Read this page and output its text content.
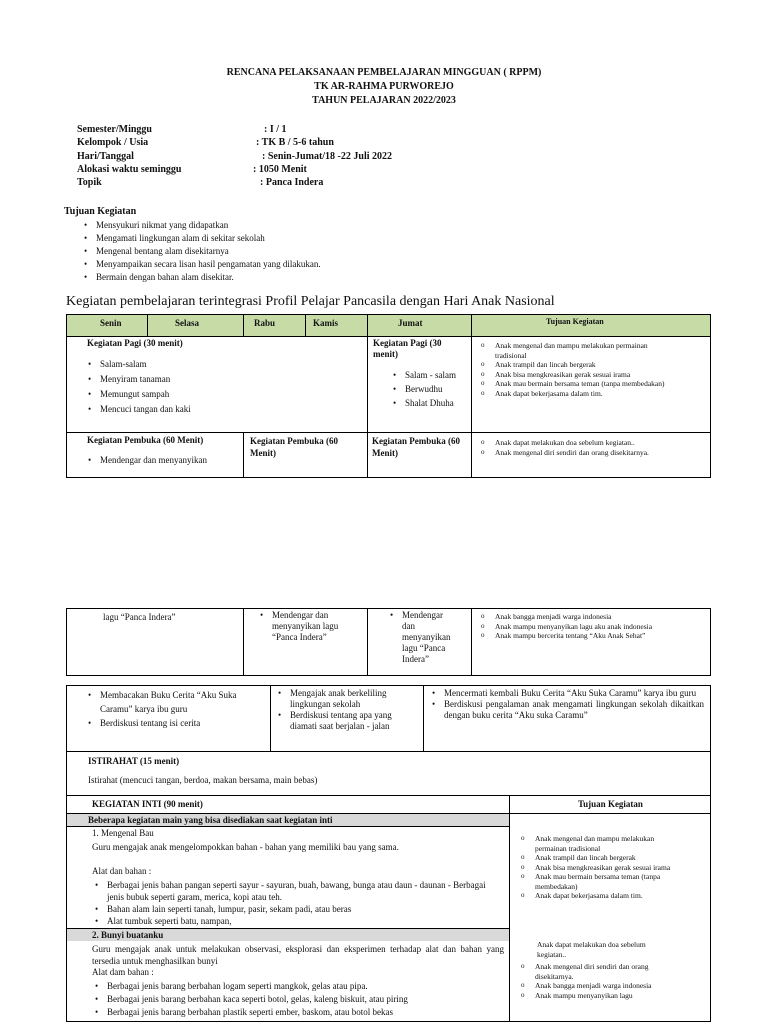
RENCANA PELAKSANAAN PEMBELAJARAN MINGGUAN ( RPPM)
TK AR-RAHMA PURWOREJO
TAHUN PELAJARAN 2022/2023
Semester/Minggu	: I / 1
Kelompok / Usia	: TK B / 5-6 tahun
Hari/Tanggal	: Senin-Jumat/18 -22 Juli 2022
Alokasi waktu seminggu	: 1050 Menit
Topik	: Panca Indera
Tujuan Kegiatan
• Mensyukuri nikmat yang didapatkan
• Mengamati lingkungan alam di sekitar sekolah
• Mengenal bentang alam disekitarnya
• Menyampaikan secara lisan hasil pengamatan yang dilakukan.
• Bermain dengan bahan alam disekitar.
Kegiatan pembelajaran terintegrasi Profil Pelajar Pancasila dengan Hari Anak Nasional
Senin	Selasa	Rabu	Kamis	Jumat	Tujuan Kegiatan
Kegiatan Pagi (30 menit)
• Salam-salam
• Menyiram tanaman
• Memungut sampah
• Mencuci tangan dan kaki
Kegiatan Pagi (30 menit)
• Salam - salam
• Berwudhu
• Shalat Dhuha
o Anak mengenal dan mampu melakukan permainan tradisional
o Anak trampil dan lincah bergerak
o Anak bisa mengkreasikan gerak sesuai irama
o Anak mau bermain bersama teman (tanpa membedakan)
o Anak dapat bekerjasama dalam tim.
Kegiatan Pembuka (60 Menit)
• Mendengar dan menyanyikan
Kegiatan Pembuka (60 Menit)
Kegiatan Pembuka (60 Menit)
o Anak dapat melakukan doa sebelum kegiatan..
o Anak mengenal diri sendiri dan orang disekitarnya.
lagu “Panca Indera”
•	Mendengar dan menyanyikan lagu “Panca Indera”
• Mendengar dan menyanyikan lagu “Panca Indera”
o Anak bangga menjadi warga indonesia
o Anak mampu menyanyikan lagu aku anak indonesia
o Anak mampu bercerita tentang “Aku Anak Sehat”
• Membacakan Buku Cerita “Aku Suka Caramu” karya ibu guru
• Berdiskusi tentang isi cerita
• Mengajak anak berkeliling lingkungan sekolah
• Berdiskusi tentang apa yang diamati saat berjalan - jalan
• Mencermati kembali Buku Cerita “Aku Suka Caramu” karya ibu guru
• Berdiskusi pengalaman anak mengamati lingkungan sekolah dikaitkan dengan buku cerita “Aku suka Caramu”
ISTIRAHAT (15 menit)
Istirahat (mencuci tangan, berdoa, makan bersama, main bebas)
KEGIATAN INTI (90 menit)	Tujuan Kegiatan
Beberapa kegiatan main yang bisa disediakan saat kegiatan inti
1. Mengenal Bau
Guru mengajak anak mengelompokkan bahan - bahan yang memiliki bau yang sama.
Alat dan bahan :
• Berbagai jenis bahan pangan seperti sayur - sayuran, buah, bawang, bunga atau daun - daunan - Berbagai jenis bubuk seperti garam, merica, kopi atau teh.
• Bahan alam lain seperti tanah, lumpur, pasir, sekam padi, atau beras
• Alat tumbuk seperti batu, nampan,
2. Bunyi buatanku
Guru mengajak anak untuk melakukan observasi, eksplorasi dan eksperimen terhadap alat dan bahan yang tersedia untuk menghasilkan bunyi
Alat dam bahan :
• Berbagai jenis barang berbahan logam seperti mangkok, gelas atau pipa.
• Berbagai jenis barang berbahan kaca seperti botol, gelas, kaleng biskuit, atau piring
• Berbagai jenis barang berbahan plastik seperti ember, baskom, atau botol bekas
o Anak mengenal dan mampu melakukan permainan tradisional
o Anak trampil dan lincah bergerak
o Anak bisa mengkreasikan gerak sesuai irama
o Anak mau bermain bersama teman (tanpa membedakan)
o Anak dapat bekerjasama dalam tim.
Anak dapat melakukan doa sebelum kegiatan..
o Anak mengenal diri sendiri dan orang disekitarnya.
o Anak bangga menjadi warga indonesia
o Anak mampu menyanyikan lagu
